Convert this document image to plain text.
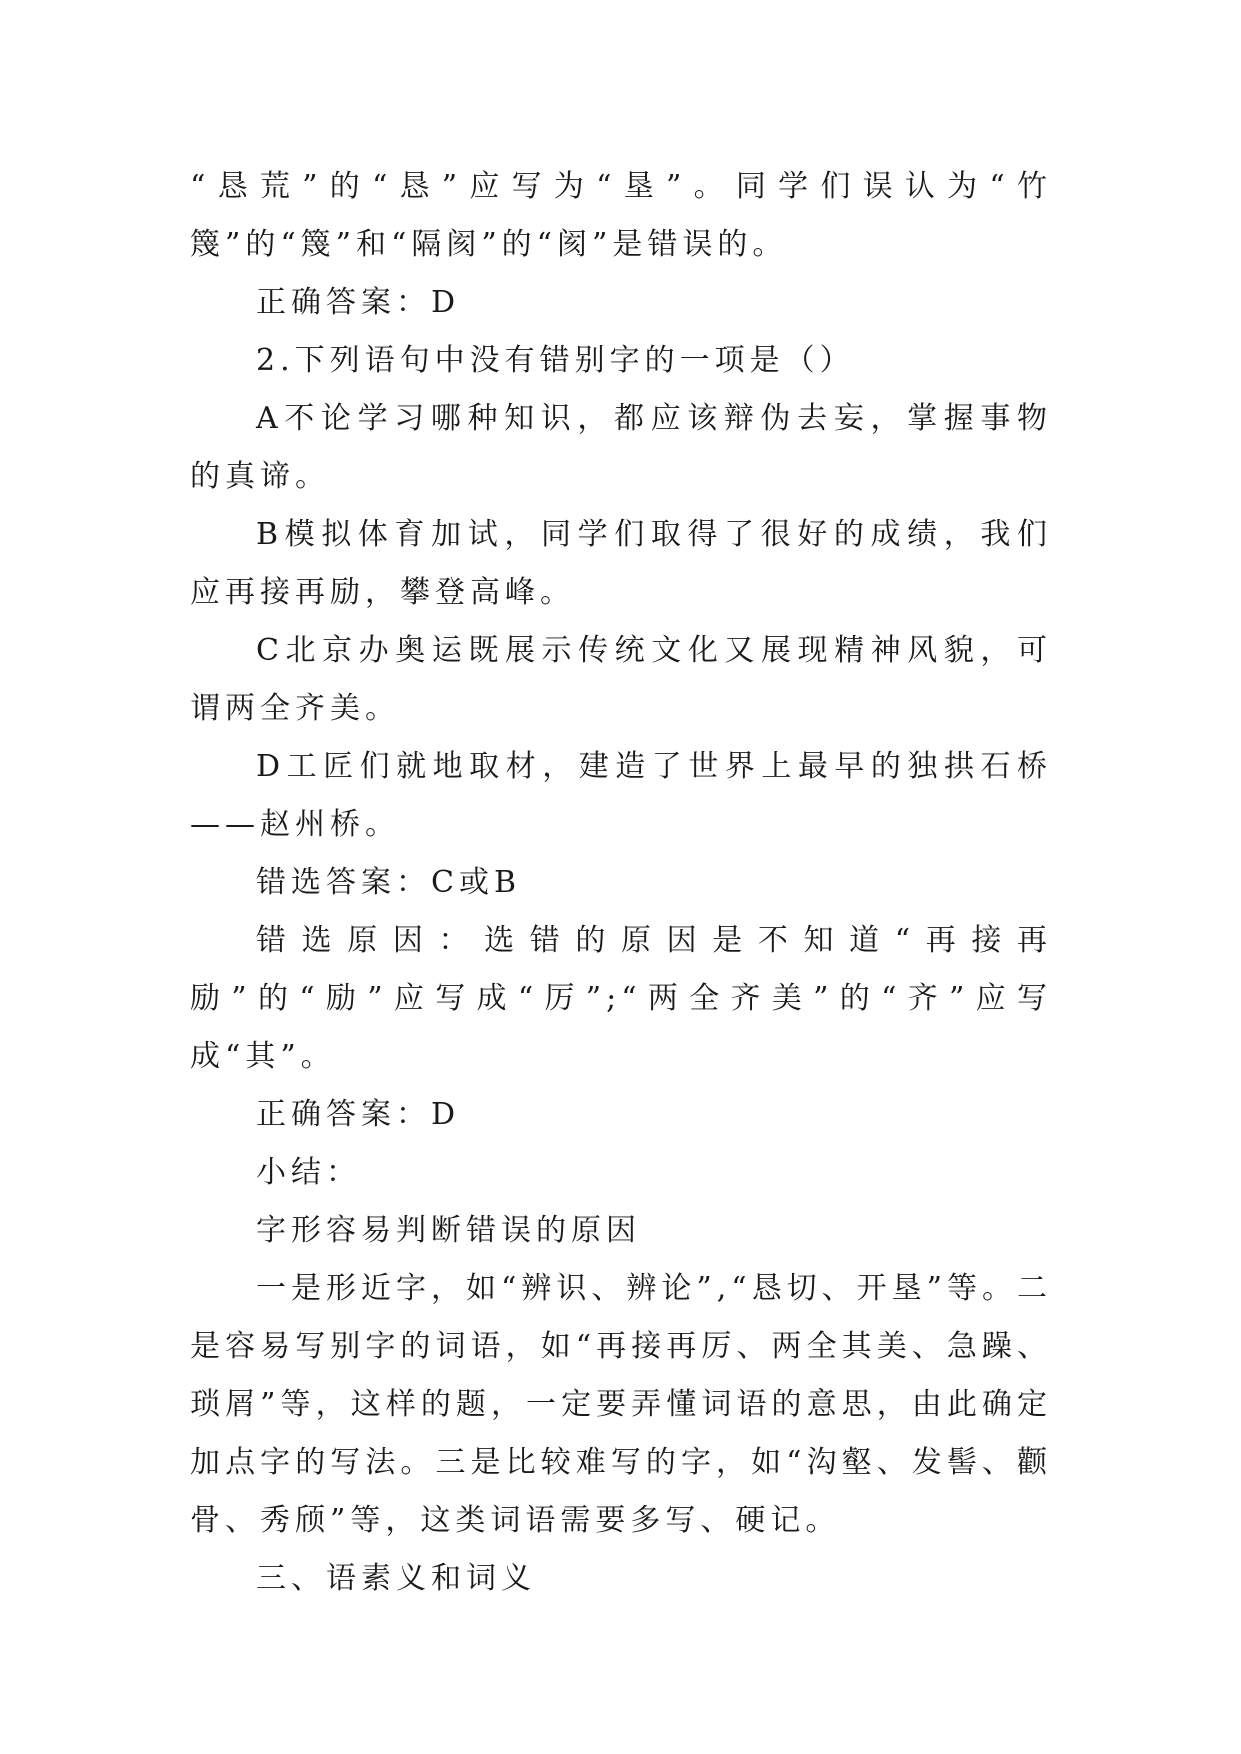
“恳荒”的“恳”应写为“垦”。同学们误认为“竹篾”的“篾”和“隔阂”的“阂”是错误的。

正确答案：D

2.下列语句中没有错别字的一项是（）

A不论学习哪种知识，都应该辩伪去妄，掌握事物的真谛。

B模拟体育加试，同学们取得了很好的成绩，我们应再接再励，攀登高峰。

C北京办奥运既展示传统文化又展现精神风貌，可谓两全齐美。

D工匠们就地取材，建造了世界上最早的独拱石桥——赵州桥。

错选答案：C或B

错选原因：选错的原因是不知道“再接再励”的“励”应写成“厉”;“两全齐美”的“齐”应写成“其”。

正确答案：D

小结：

字形容易判断错误的原因

一是形近字，如“辨识、辨论”,“恳切、开垦”等。二是容易写别字的词语，如“再接再厉、两全其美、急躁、琐屑”等，这样的题，一定要弄懂词语的意思，由此确定加点字的写法。三是比较难写的字，如“沟壑、发髻、颧骨、秀颀”等，这类词语需要多写、硬记。

三、语素义和词义
